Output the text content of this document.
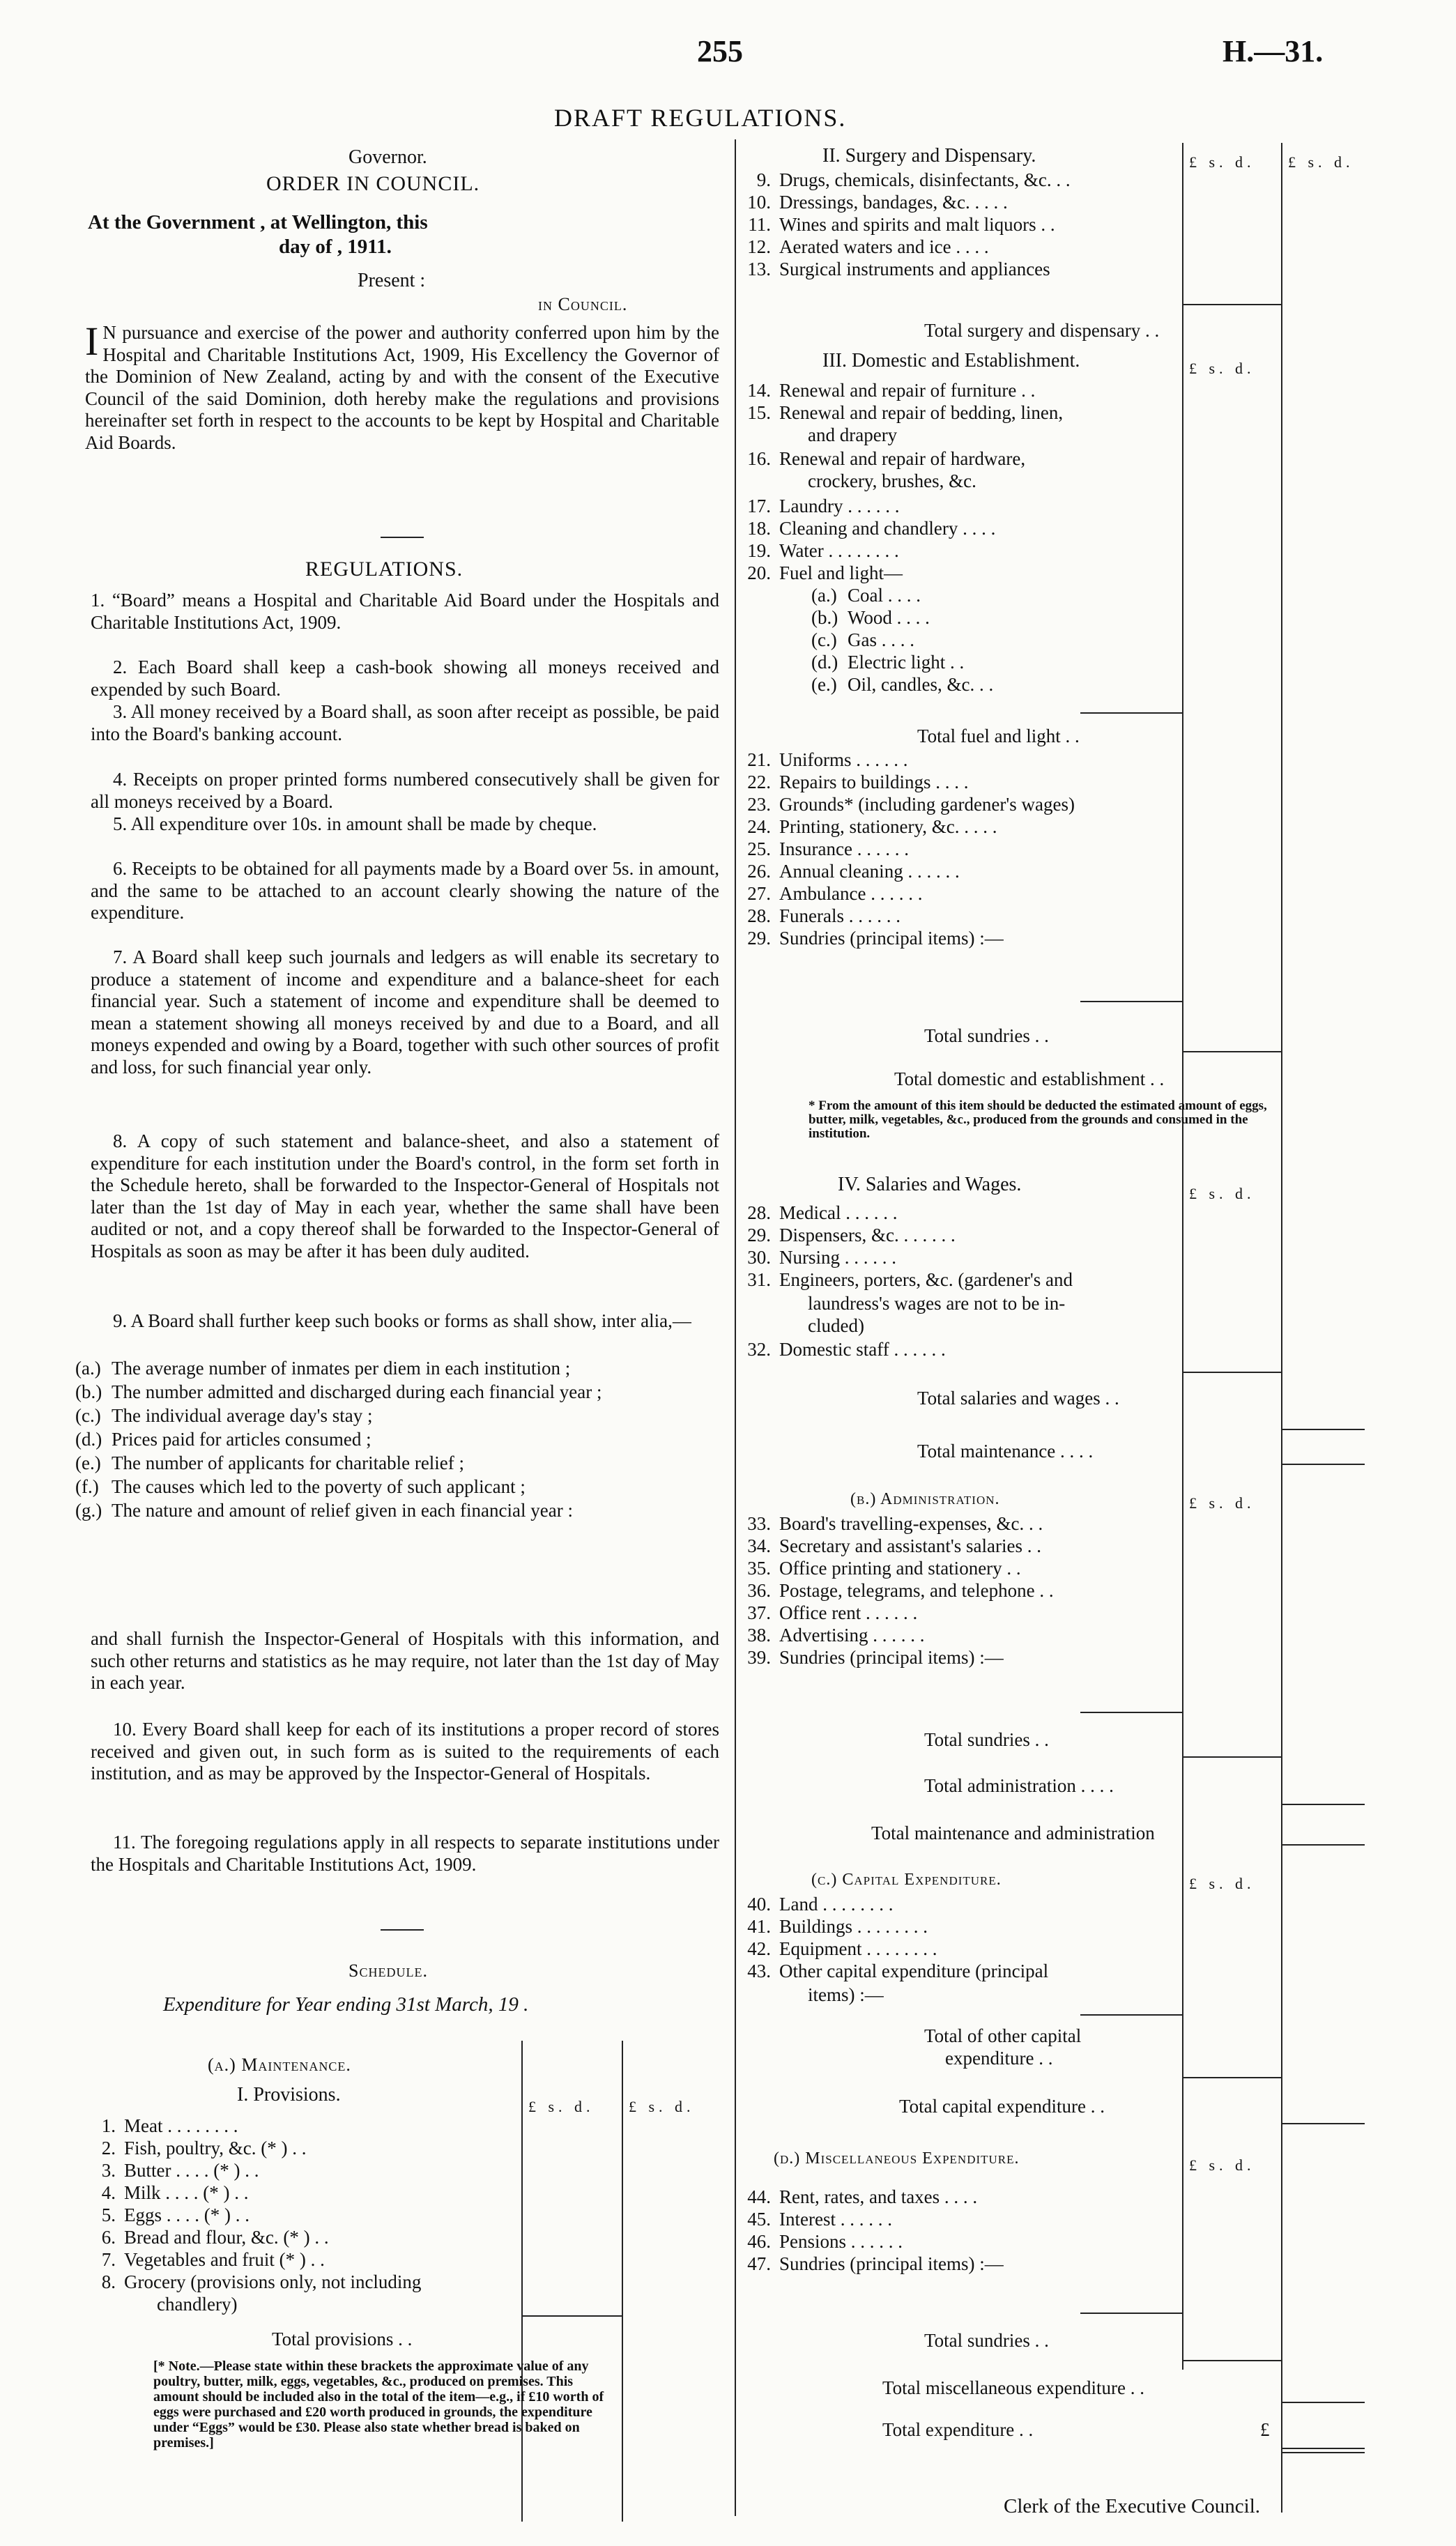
255	H.—31.
DRAFT REGULATIONS.
Governor.
ORDER IN COUNCIL.
At the Government , at Wellington, this
day of , 1911.
Present :
in Council.
I N pursuance and exercise of the power and authority conferred upon him by the Hospital and Charitable Institutions Act, 1909, His Excellency the Governor of the Dominion of New Zealand, acting by and with the consent of the Executive Council of the said Dominion, doth hereby make the regulations and provisions hereinafter set forth in respect to the accounts to be kept by Hospital and Charitable Aid Boards.
REGULATIONS.
1. “Board” means a Hospital and Charitable Aid Board under the Hospitals and Charitable Institutions Act, 1909.
2. Each Board shall keep a cash-book showing all moneys received and expended by such Board.
3. All money received by a Board shall, as soon after receipt as possible, be paid into the Board's banking account.
4. Receipts on proper printed forms numbered consecutively shall be given for all moneys received by a Board.
5. All expenditure over 10s. in amount shall be made by cheque.
6. Receipts to be obtained for all payments made by a Board over 5s. in amount, and the same to be attached to an account clearly showing the nature of the expenditure.
7. A Board shall keep such journals and ledgers as will enable its secretary to produce a statement of income and expenditure and a balance-sheet for each financial year. Such a statement of income and expenditure shall be deemed to mean a statement showing all moneys received by and due to a Board, and all moneys expended and owing by a Board, together with such other sources of profit and loss, for such financial year only.
8. A copy of such statement and balance-sheet, and also a statement of expenditure for each institution under the Board's control, in the form set forth in the Schedule hereto, shall be forwarded to the Inspector-General of Hospitals not later than the 1st day of May in each year, whether the same shall have been audited or not, and a copy thereof shall be forwarded to the Inspector-General of Hospitals as soon as may be after it has been duly audited.
9. A Board shall further keep such books or forms as shall show, inter alia,—
(a.) The average number of inmates per diem in each institution ;
(b.) The number admitted and discharged during each financial year ;
(c.) The individual average day's stay ;
(d.) Prices paid for articles consumed ;
(e.) The number of applicants for charitable relief ;
(f.) The causes which led to the poverty of such applicant ;
(g.) The nature and amount of relief given in each financial year :
and shall furnish the Inspector-General of Hospitals with this information, and such other returns and statistics as he may require, not later than the 1st day of May in each year.
10. Every Board shall keep for each of its institutions a proper record of stores received and given out, in such form as is suited to the requirements of each institution, and as may be approved by the Inspector-General of Hospitals.
11. The foregoing regulations apply in all respects to separate institutions under the Hospitals and Charitable Institutions Act, 1909.
Schedule.
Expenditure for Year ending 31st March, 19 .
(a.) Maintenance.
I. Provisions.
£ s. d. £ s. d.
1. Meat . . . . . . . .
2. Fish, poultry, &c. (* ) . .
3. Butter . . . . (* ) . .
4. Milk . . . . (* ) . .
5. Eggs . . . . (* ) . .
6. Bread and flour, &c. (* ) . .
7. Vegetables and fruit (* ) . .
8. Grocery (provisions only, not including
chandlery)
Total provisions . .
[* Note.—Please state within these brackets the approximate value of any poultry, butter, milk, eggs, vegetables, &c., produced on premises. This amount should be included also in the total of the item—e.g., if £10 worth of eggs were purchased and £20 worth produced in grounds, the expenditure under “Eggs” would be £30. Please also state whether bread is baked on premises.]
II. Surgery and Dispensary.	£ s. d. £ s. d.
9. Drugs, chemicals, disinfectants, &c. . .
10. Dressings, bandages, &c. . . . .
11. Wines and spirits and malt liquors . .
12. Aerated waters and ice . . . .
13. Surgical instruments and appliances
Total surgery and dispensary . .
III. Domestic and Establishment.	£ s. d.
14. Renewal and repair of furniture . .
15. Renewal and repair of bedding, linen,
and drapery
16. Renewal and repair of hardware,
crockery, brushes, &c.
17. Laundry . . . . . .
18. Cleaning and chandlery . . . .
19. Water . . . . . . . .
20. Fuel and light—
(a.) Coal . . . .
(b.) Wood . . . .
(c.) Gas . . . .
(d.) Electric light . .
(e.) Oil, candles, &c. . .
Total fuel and light . .
21. Uniforms . . . . . .
22. Repairs to buildings . . . .
23. Grounds* (including gardener's wages)
24. Printing, stationery, &c. . . . .
25. Insurance . . . . . .
26. Annual cleaning . . . . . .
27. Ambulance . . . . . .
28. Funerals . . . . . .
29. Sundries (principal items) :—
Total sundries . .
Total domestic and establishment . .
* From the amount of this item should be deducted the estimated amount of eggs, butter, milk, vegetables, &c., produced from the grounds and consumed in the institution.
IV. Salaries and Wages.	£ s. d.
28. Medical . . . . . .
29. Dispensers, &c. . . . . . .
30. Nursing . . . . . .
31. Engineers, porters, &c. (gardener's and
laundress's wages are not to be in-
cluded)
32. Domestic staff . . . . . .
Total salaries and wages . .
Total maintenance . . . .
(b.) Administration.	£ s. d.
33. Board's travelling-expenses, &c. . .
34. Secretary and assistant's salaries . .
35. Office printing and stationery . .
36. Postage, telegrams, and telephone . .
37. Office rent . . . . . .
38. Advertising . . . . . .
39. Sundries (principal items) :—
Total sundries . .
Total administration . . . .
Total maintenance and administration
(c.) Capital Expenditure.	£ s. d.
40. Land . . . . . . . .
41. Buildings . . . . . . . .
42. Equipment . . . . . . . .
43. Other capital expenditure (principal
items) :—
Total of other capital
expenditure . .
Total capital expenditure . .
(d.) Miscellaneous Expenditure.	£ s. d.
44. Rent, rates, and taxes . . . .
45. Interest . . . . . .
46. Pensions . . . . . .
47. Sundries (principal items) :—
Total sundries . .
Total miscellaneous expenditure . .
Total expenditure . .	£
Clerk of the Executive Council.
